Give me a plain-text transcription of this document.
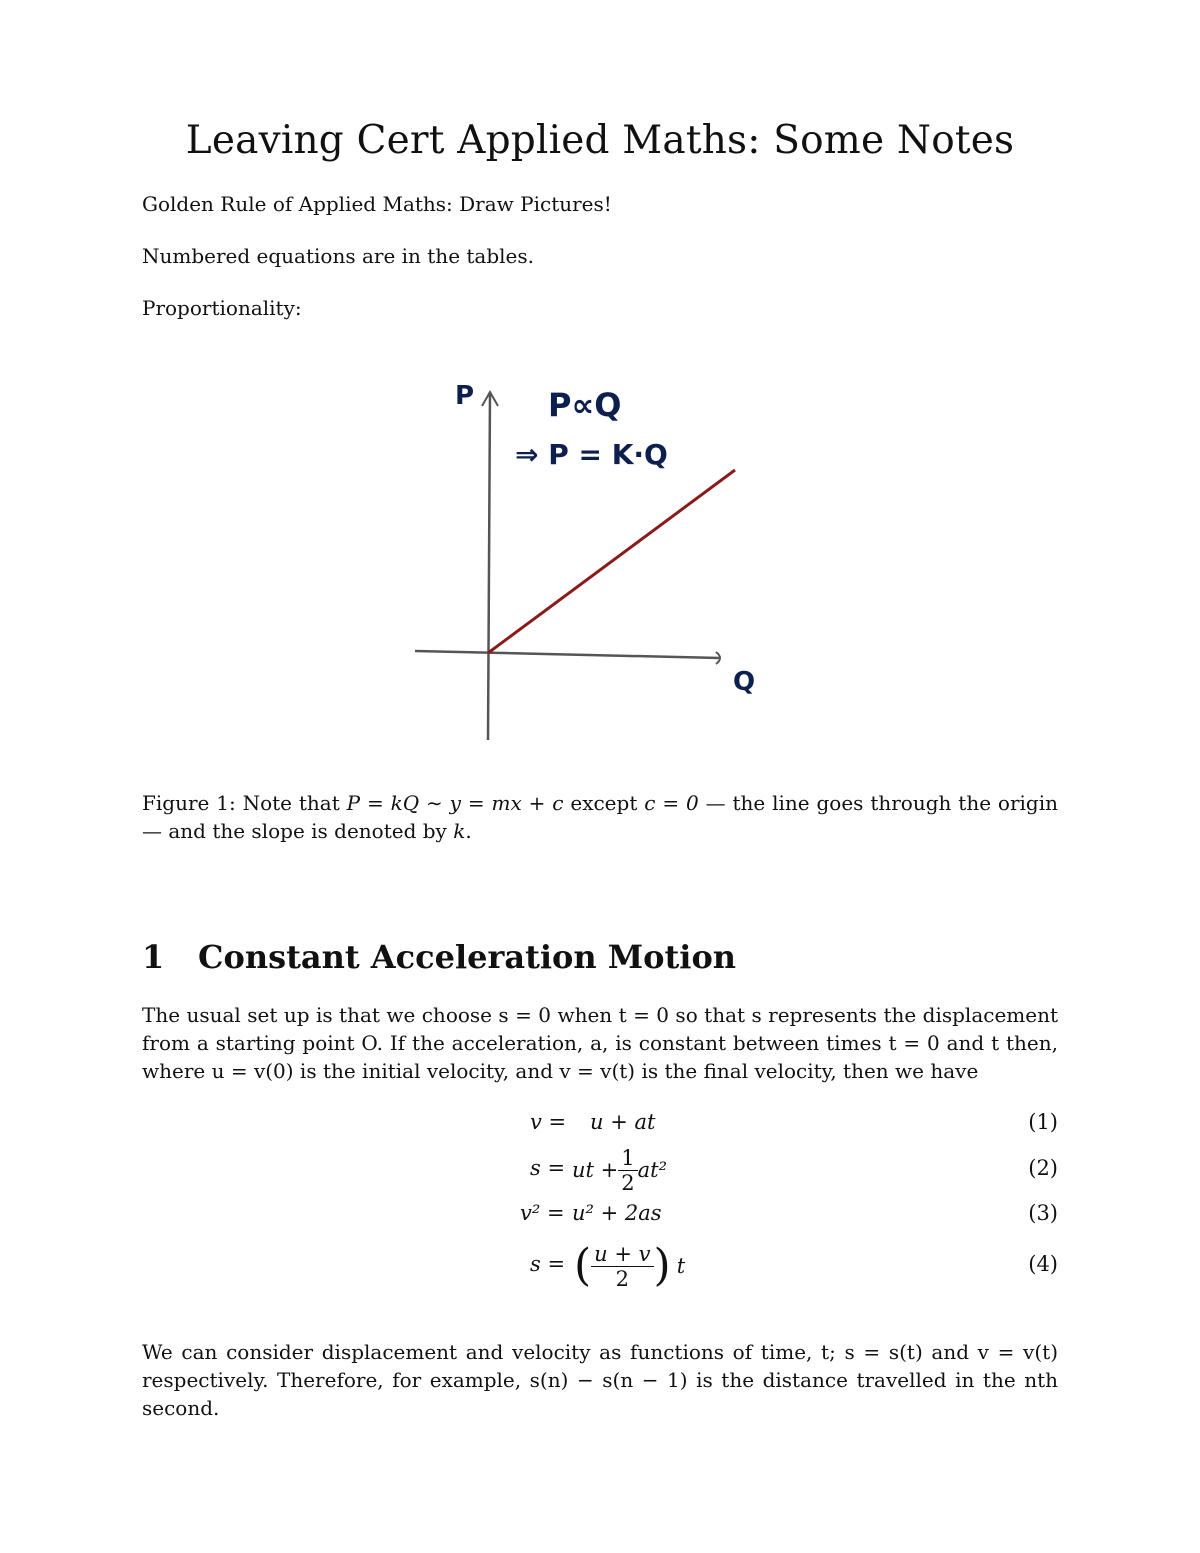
Leaving Cert Applied Maths: Some Notes

Golden Rule of Applied Maths: Draw Pictures!

Numbered equations are in the tables.

Proportionality:

P P∝Q
⇒ P = K·Q
Q

Figure 1: Note that P = kQ ∼ y = mx + c except c = 0 — the line goes through the origin — and the slope is denoted by k.

1 Constant Acceleration Motion

The usual set up is that we choose s = 0 when t = 0 so that s represents the displacement from a starting point O. If the acceleration, a, is constant between times t = 0 and t then, where u = v(0) is the initial velocity, and v = v(t) is the final velocity, then we have

v = u + at	(1)
s = ut + $\frac{1}{2} at^2$	(2)
v² = u² + 2as	(3)
s = ( $\frac{u + v}{2}$ ) t	(4)

We can consider displacement and velocity as functions of time, t; s = s(t) and v = v(t) respectively. Therefore, for example, s(n) − s(n − 1) is the distance travelled in the nth second.
